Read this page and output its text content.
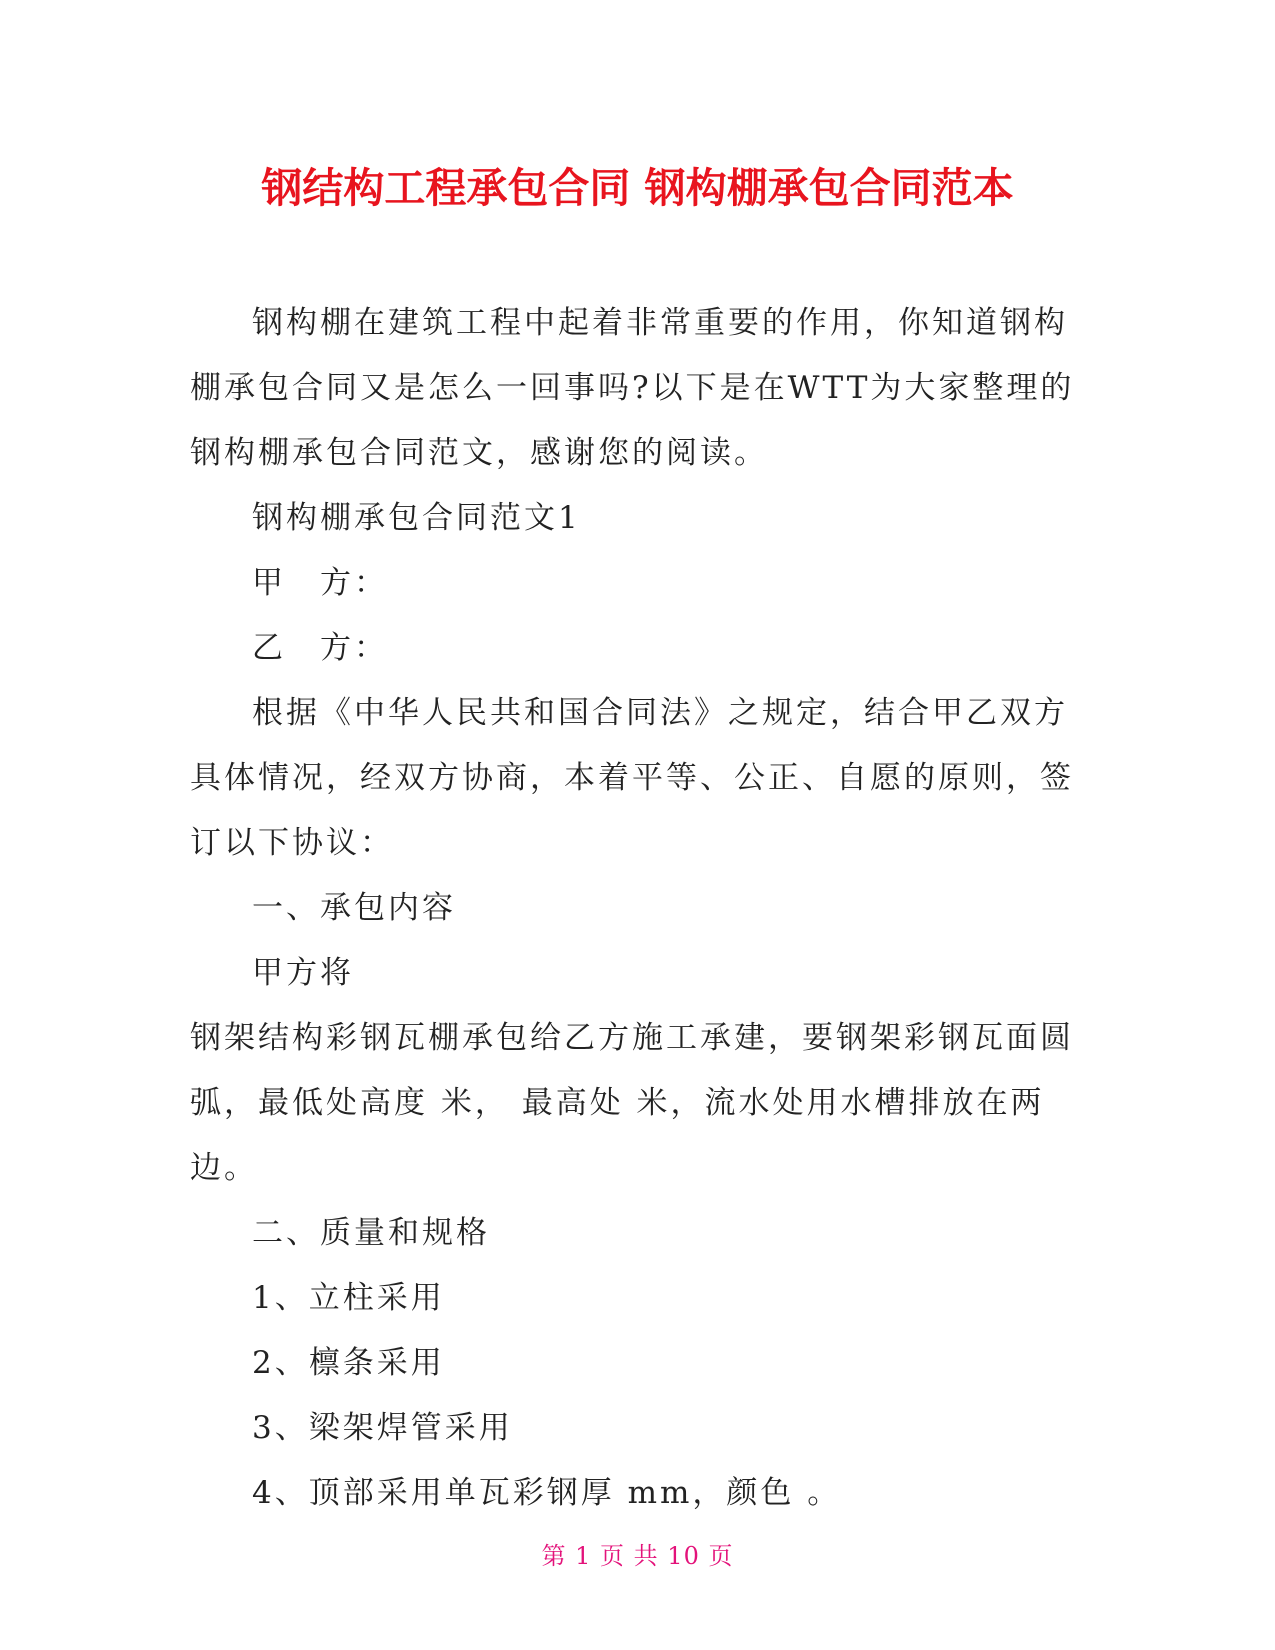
钢结构工程承包合同 钢构棚承包合同范本

钢构棚在建筑工程中起着非常重要的作用，你知道钢构棚承包合同又是怎么一回事吗?以下是在WTT为大家整理的钢构棚承包合同范文，感谢您的阅读。

钢构棚承包合同范文1

甲　方：

乙　方：

根据《中华人民共和国合同法》之规定，结合甲乙双方具体情况，经双方协商，本着平等、公正、自愿的原则，签订以下协议：

一、承包内容

甲方将

钢架结构彩钢瓦棚承包给乙方施工承建，要钢架彩钢瓦面圆弧，最低处高度 米， 最高处 米，流水处用水槽排放在两边。

二、质量和规格

1、立柱采用

2、檩条采用

3、梁架焊管采用

4、顶部采用单瓦彩钢厚 mm，颜色 。

第 1 页 共 10 页
